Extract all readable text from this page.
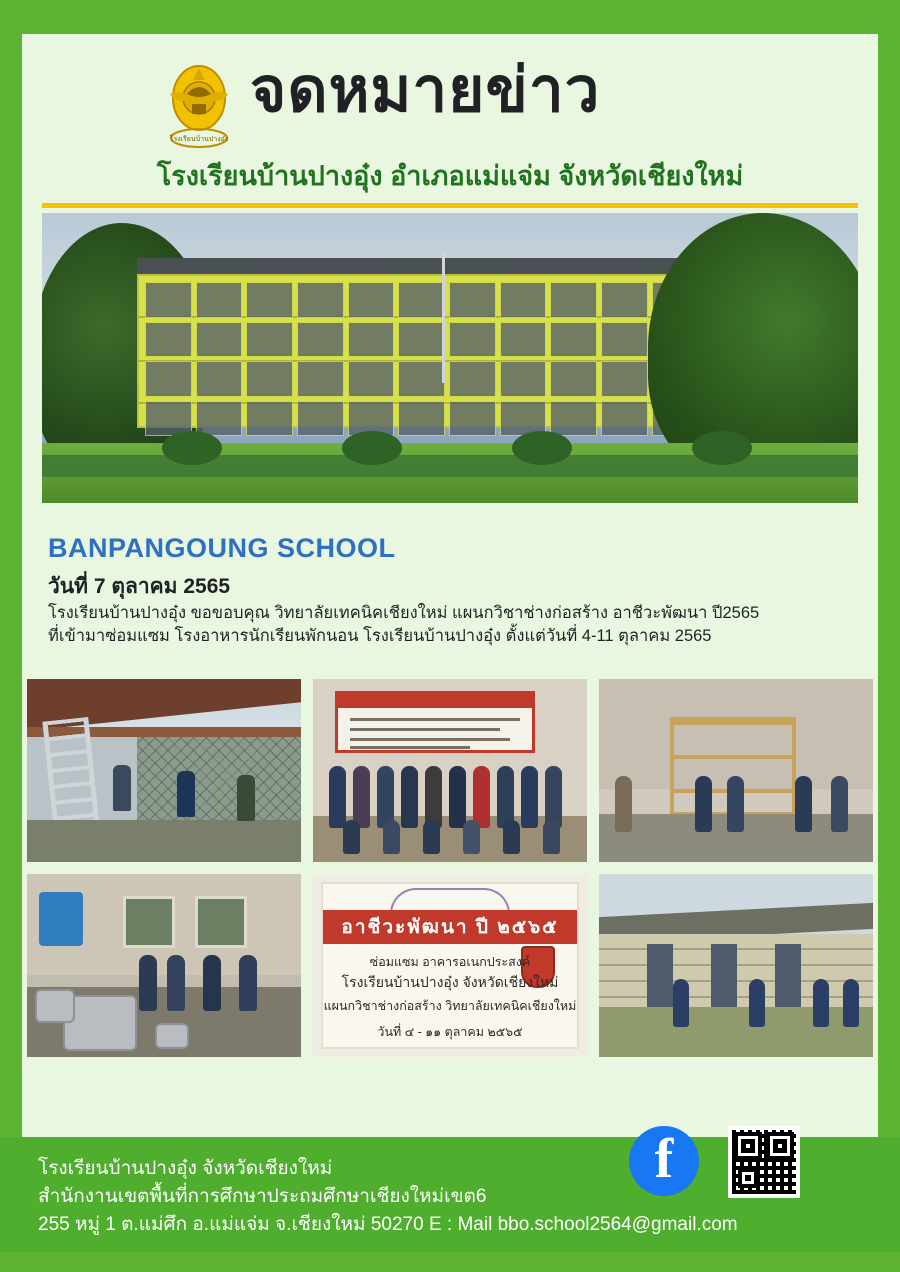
โรงเรียนบ้านปางอุ๋ง
จดหมายข่าว
โรงเรียนบ้านปางอุ๋ง อำเภอแม่แจ่ม จังหวัดเชียงใหม่
BANPANGOUNG SCHOOL
วันที่ 7 ตุลาคม 2565
โรงเรียนบ้านปางอุ๋ง ขอขอบคุณ วิทยาลัยเทคนิคเชียงใหม่ แผนกวิชาช่างก่อสร้าง อาชีวะพัฒนา ปี2565
ที่เข้ามาซ่อมแซม โรงอาหารนักเรียนพักนอน โรงเรียนบ้านปางอุ๋ง ตั้งแต่วันที่ 4-11 ตุลาคม 2565
อาชีวะพัฒนา ปี ๒๕๖๕
ซ่อมแซม อาคารอเนกประสงค์
โรงเรียนบ้านปางอุ๋ง จังหวัดเชียงใหม่
แผนกวิชาช่างก่อสร้าง วิทยาลัยเทคนิคเชียงใหม่
วันที่ ๔ - ๑๑ ตุลาคม ๒๕๖๕
f
โรงเรียนบ้านปางอุ๋ง จังหวัดเชียงใหม่
สำนักงานเขตพื้นที่การศึกษาประถมศึกษาเชียงใหม่เขต6
255 หมู่ 1 ต.แม่ศึก อ.แม่แจ่ม จ.เชียงใหม่ 50270 E : Mail bbo.school2564@gmail.com
